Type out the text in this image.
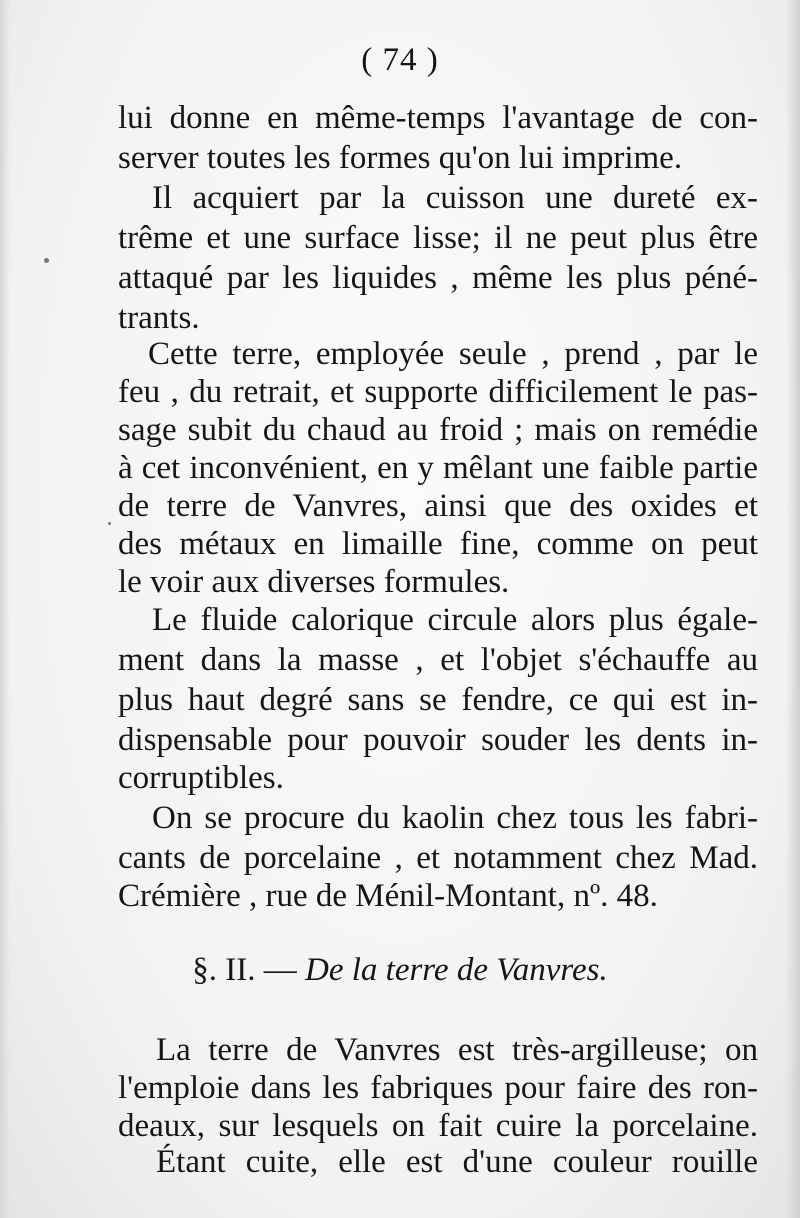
( 74 )
lui donne en même-temps l'avantage de con-
server toutes les formes qu'on lui imprime.
Il acquiert par la cuisson une dureté ex-
trême et une surface lisse; il ne peut plus être
attaqué par les liquides , même les plus péné-
trants.
Cette terre, employée seule , prend , par le
feu , du retrait, et supporte difficilement le pas-
sage subit du chaud au froid ; mais on remédie
à cet inconvénient, en y mêlant une faible partie
de terre de Vanvres, ainsi que des oxides et
des métaux en limaille fine, comme on peut
le voir aux diverses formules.
Le fluide calorique circule alors plus égale-
ment dans la masse , et l'objet s'échauffe au
plus haut degré sans se fendre, ce qui est in-
dispensable pour pouvoir souder les dents in-
corruptibles.
On se procure du kaolin chez tous les fabri-
cants de porcelaine , et notamment chez Mad.
Crémière , rue de Ménil-Montant, nº. 48.
§. II. — De la terre de Vanvres.
La terre de Vanvres est très-argilleuse; on
l'emploie dans les fabriques pour faire des ron-
deaux, sur lesquels on fait cuire la porcelaine.
Étant cuite, elle est d'une couleur rouille
